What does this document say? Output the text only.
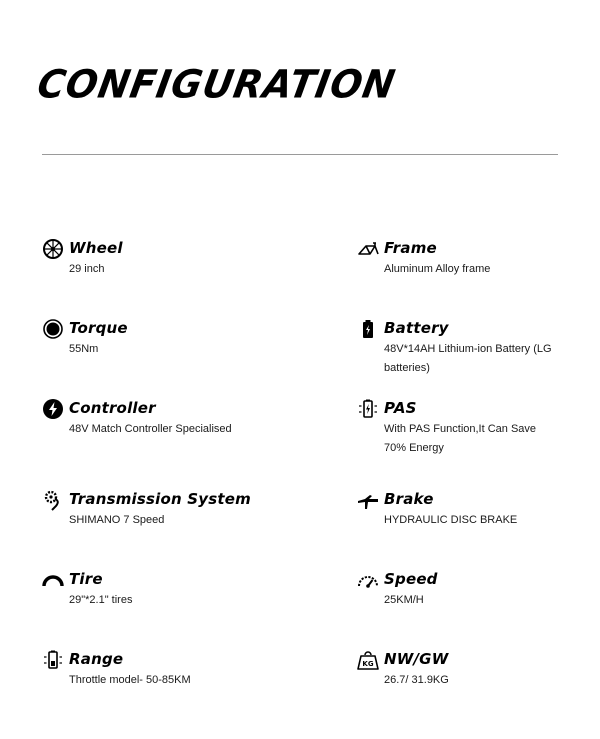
CONFIGURATION
Wheel
29 inch
Torque
55Nm
Controller
48V Match Controller Specialised
Transmission System
SHIMANO 7 Speed
Tire
29"*2.1" tires
Range
Throttle model- 50-85KM
Frame
Aluminum Alloy frame
Battery
48V*14AH Lithium-ion Battery (LG batteries)
PAS
With PAS Function,It Can Save 70% Energy
Brake
HYDRAULIC DISC BRAKE
Speed
25KM/H
KG NW/GW
26.7/ 31.9KG
